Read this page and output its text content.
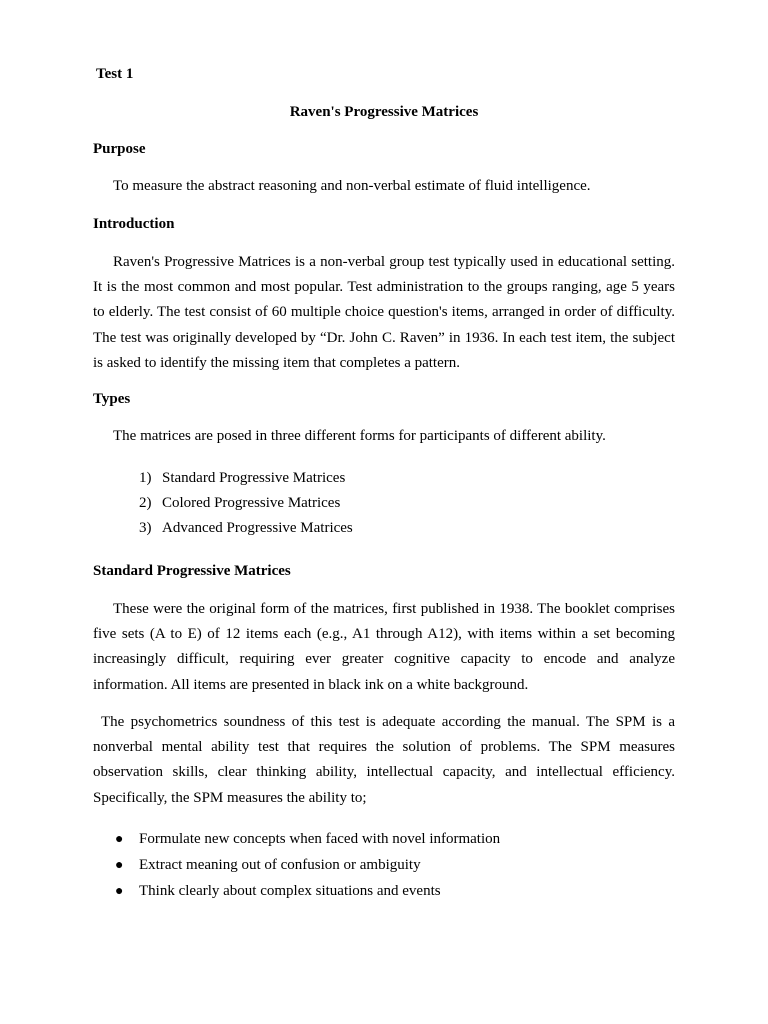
Test 1
Raven's Progressive Matrices
Purpose
To measure the abstract reasoning and non-verbal estimate of fluid intelligence.
Introduction
Raven's Progressive Matrices is a non-verbal group test typically used in educational setting. It is the most common and most popular. Test administration to the groups ranging, age 5 years to elderly. The test consist of 60 multiple choice question's items, arranged in order of difficulty. The test was originally developed by “Dr. John C. Raven” in 1936. In each test item, the subject is asked to identify the missing item that completes a pattern.
Types
The matrices are posed in three different forms for participants of different ability.
1) Standard Progressive Matrices
2) Colored Progressive Matrices
3) Advanced Progressive Matrices
Standard Progressive Matrices
These were the original form of the matrices, first published in 1938. The booklet comprises five sets (A to E) of 12 items each (e.g., A1 through A12), with items within a set becoming increasingly difficult, requiring ever greater cognitive capacity to encode and analyze information. All items are presented in black ink on a white background.
The psychometrics soundness of this test is adequate according the manual. The SPM is a nonverbal mental ability test that requires the solution of problems. The SPM measures observation skills, clear thinking ability, intellectual capacity, and intellectual efficiency. Specifically, the SPM measures the ability to;
● Formulate new concepts when faced with novel information
● Extract meaning out of confusion or ambiguity
● Think clearly about complex situations and events
